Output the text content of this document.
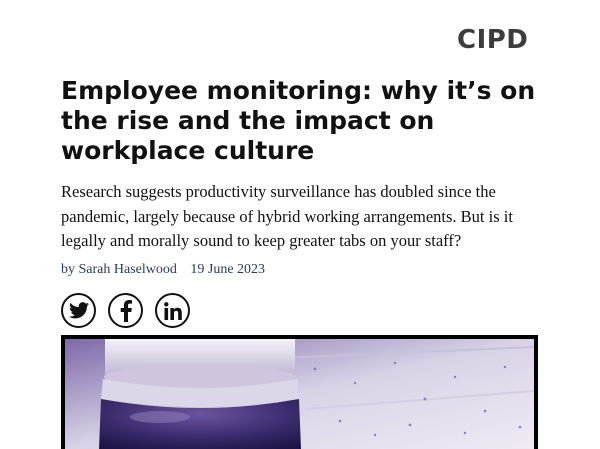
CIPD
Employee monitoring: why it’s on the rise and the impact on workplace culture

Research suggests productivity surveillance has doubled since the pandemic, largely because of hybrid working arrangements. But is it legally and morally sound to keep greater tabs on your staff?

by Sarah Haselwood 19 June 2023
